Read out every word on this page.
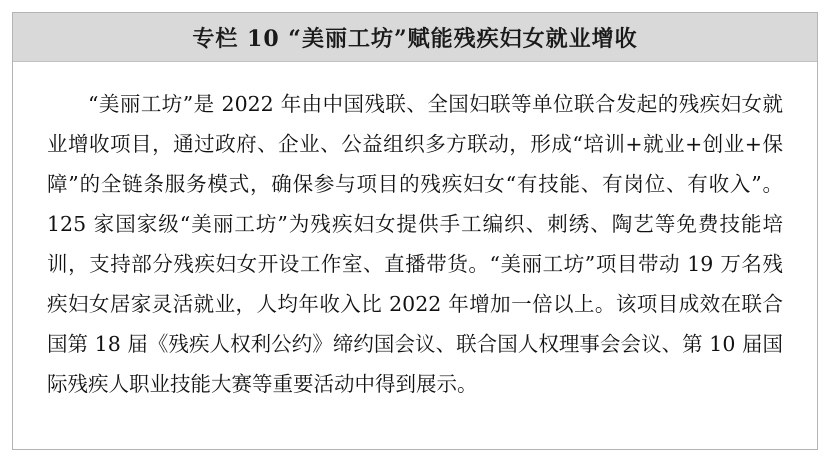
专栏 10 “美丽工坊”赋能残疾妇女就业增收

“美丽工坊”是 2022 年由中国残联、全国妇联等单位联合发起的残疾妇女就业增收项目，通过政府、企业、公益组织多方联动，形成“培训+就业+创业+保障”的全链条服务模式，确保参与项目的残疾妇女“有技能、有岗位、有收入”。125 家国家级“美丽工坊”为残疾妇女提供手工编织、刺绣、陶艺等免费技能培训，支持部分残疾妇女开设工作室、直播带货。“美丽工坊”项目带动 19 万名残疾妇女居家灵活就业，人均年收入比 2022 年增加一倍以上。该项目成效在联合国第 18 届《残疾人权利公约》缔约国会议、联合国人权理事会会议、第 10 届国际残疾人职业技能大赛等重要活动中得到展示。
